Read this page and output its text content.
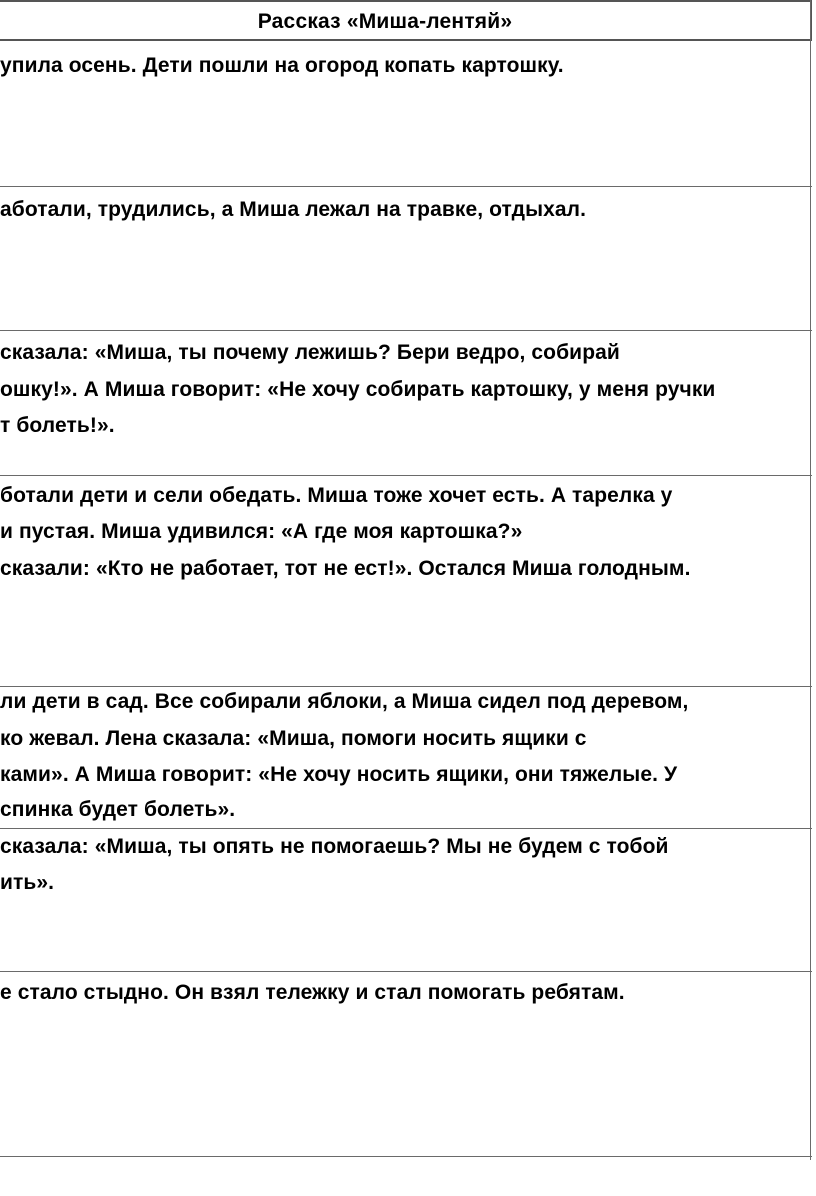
Рассказ «Миша-лентяй»
упила осень. Дети пошли на огород копать картошку.
аботали, трудились, а Миша лежал на травке, отдыхал.
сказала: «Миша, ты почему лежишь? Бери ведро, собирай
ошку!». А Миша говорит: «Не хочу собирать картошку, у меня ручки
т болеть!».
ботали дети и сели обедать. Миша тоже хочет есть. А тарелка у
и пустая. Миша удивился: «А где моя картошка?»
сказали: «Кто не работает, тот не ест!». Остался Миша голодным.
ли дети в сад. Все собирали яблоки, а Миша сидел под деревом,
ко жевал. Лена сказала: «Миша, помоги носить ящики с
ками». А Миша говорит: «Не хочу носить ящики, они тяжелые. У
спинка будет болеть».
сказала: «Миша, ты опять не помогаешь? Мы не будем с тобой
ить».
е стало стыдно. Он взял тележку и стал помогать ребятам.
